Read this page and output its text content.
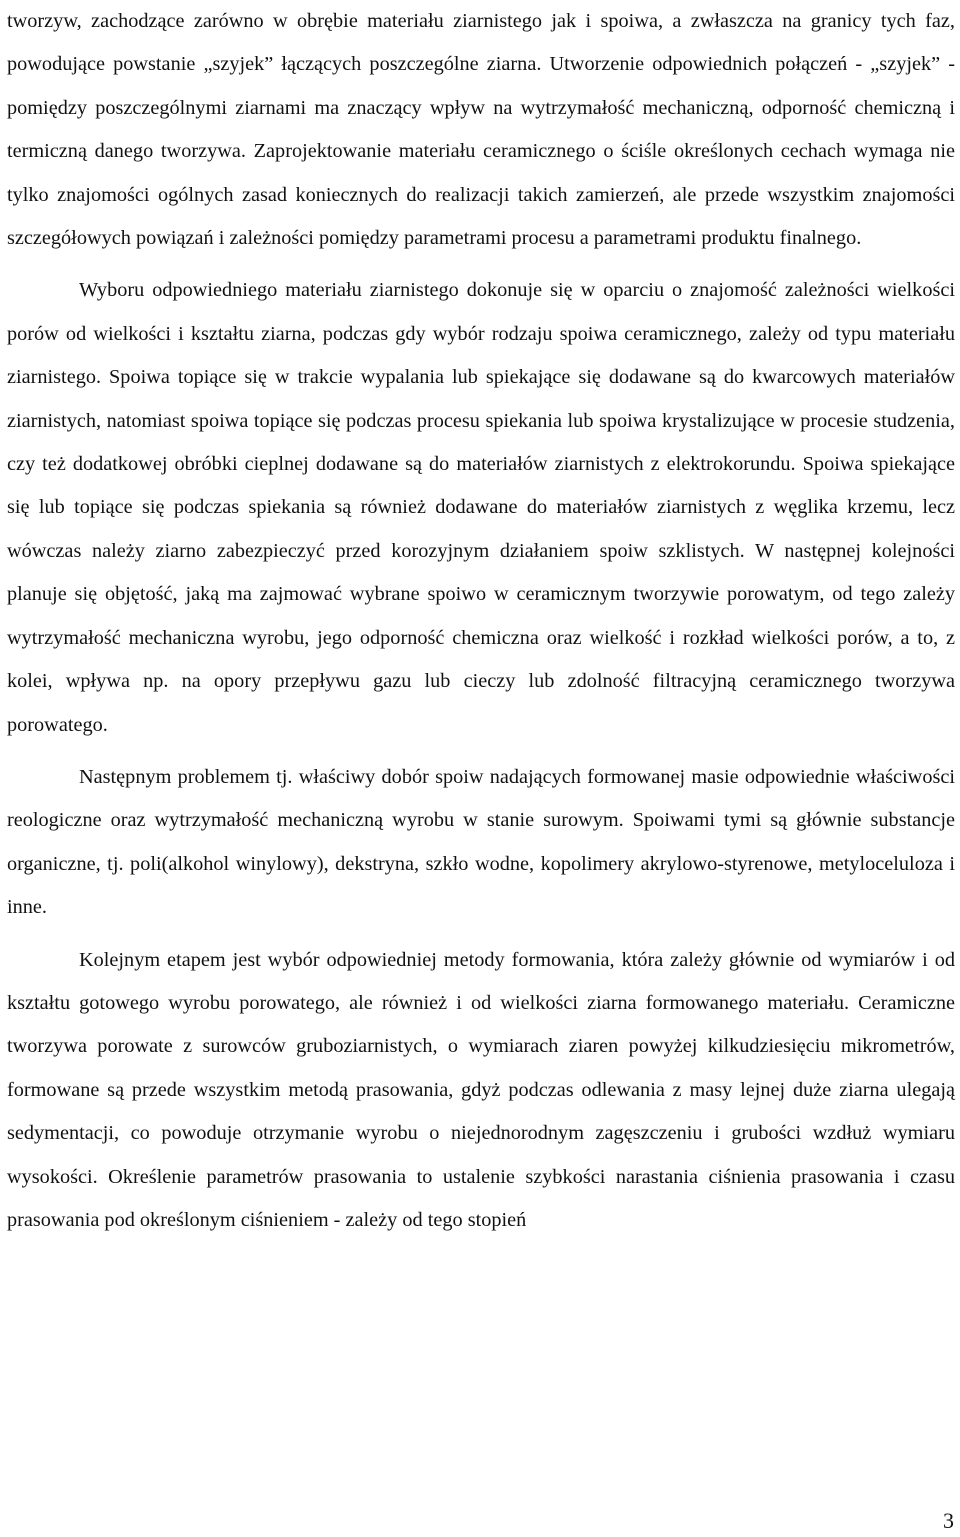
tworzyw, zachodzące zarówno w obrębie materiału ziarnistego jak i spoiwa, a zwłaszcza na granicy tych faz, powodujące powstanie „szyjek” łączących poszczególne ziarna. Utworzenie odpowiednich połączeń - „szyjek” - pomiędzy poszczególnymi ziarnami ma znaczący wpływ na wytrzymałość mechaniczną, odporność chemiczną i termiczną danego tworzywa. Zaprojektowanie materiału ceramicznego o ściśle określonych cechach wymaga nie tylko znajomości ogólnych zasad koniecznych do realizacji takich zamierzeń, ale przede wszystkim znajomości szczegółowych powiązań i zależności pomiędzy parametrami procesu a parametrami produktu finalnego.

Wyboru odpowiedniego materiału ziarnistego dokonuje się w oparciu o znajomość zależności wielkości porów od wielkości i kształtu ziarna, podczas gdy wybór rodzaju spoiwa ceramicznego, zależy od typu materiału ziarnistego. Spoiwa topiące się w trakcie wypalania lub spiekające się dodawane są do kwarcowych materiałów ziarnistych, natomiast spoiwa topiące się podczas procesu spiekania lub spoiwa krystalizujące w procesie studzenia, czy też dodatkowej obróbki cieplnej dodawane są do materiałów ziarnistych z elektrokorundu. Spoiwa spiekające się lub topiące się podczas spiekania są również dodawane do materiałów ziarnistych z węglika krzemu, lecz wówczas należy ziarno zabezpieczyć przed korozyjnym działaniem spoiw szklistych. W następnej kolejności planuje się objętość, jaką ma zajmować wybrane spoiwo w ceramicznym tworzywie porowatym, od tego zależy wytrzymałość mechaniczna wyrobu, jego odporność chemiczna oraz wielkość i rozkład wielkości porów, a to, z kolei, wpływa np. na opory przepływu gazu lub cieczy lub zdolność filtracyjną ceramicznego tworzywa porowatego.

Następnym problemem tj. właściwy dobór spoiw nadających formowanej masie odpowiednie właściwości reologiczne oraz wytrzymałość mechaniczną wyrobu w stanie surowym. Spoiwami tymi są głównie substancje organiczne, tj. poli(alkohol winylowy), dekstryna, szkło wodne, kopolimery akrylowo-styrenowe, metyloceluloza i inne.

Kolejnym etapem jest wybór odpowiedniej metody formowania, która zależy głównie od wymiarów i od kształtu gotowego wyrobu porowatego, ale również i od wielkości ziarna formowanego materiału. Ceramiczne tworzywa porowate z surowców gruboziarnistych, o wymiarach ziaren powyżej kilkudziesięciu mikrometrów, formowane są przede wszystkim metodą prasowania, gdyż podczas odlewania z masy lejnej duże ziarna ulegają sedymentacji, co powoduje otrzymanie wyrobu o niejednorodnym zagęszczeniu i grubości wzdłuż wymiaru wysokości. Określenie parametrów prasowania to ustalenie szybkości narastania ciśnienia prasowania i czasu prasowania pod określonym ciśnieniem - zależy od tego stopień

3
